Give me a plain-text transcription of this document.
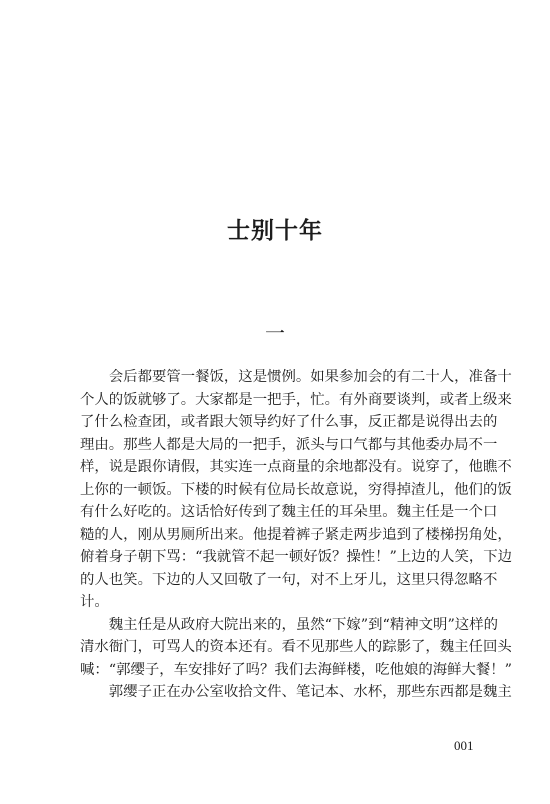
士别十年
一
　　会后都要管一餐饭，这是惯例。如果参加会的有二十人，准备十
个人的饭就够了。大家都是一把手，忙。有外商要谈判，或者上级来
了什么检查团，或者跟大领导约好了什么事，反正都是说得出去的
理由。那些人都是大局的一把手，派头与口气都与其他委办局不一
样，说是跟你请假，其实连一点商量的余地都没有。说穿了，他瞧不
上你的一顿饭。下楼的时候有位局长故意说，穷得掉渣儿，他们的饭
有什么好吃的。这话恰好传到了魏主任的耳朵里。魏主任是一个口
糙的人，刚从男厕所出来。他提着裤子紧走两步追到了楼梯拐角处，
俯着身子朝下骂：“我就管不起一顿好饭？操性！”上边的人笑，下边
的人也笑。下边的人又回敬了一句，对不上牙儿，这里只得忽略不
计。
　　魏主任是从政府大院出来的，虽然“下嫁”到“精神文明”这样的
清水衙门，可骂人的资本还有。看不见那些人的踪影了，魏主任回头
喊：“郭缨子，车安排好了吗？我们去海鲜楼，吃他娘的海鲜大餐！”
　　郭缨子正在办公室收拾文件、笔记本、水杯，那些东西都是魏主
001
